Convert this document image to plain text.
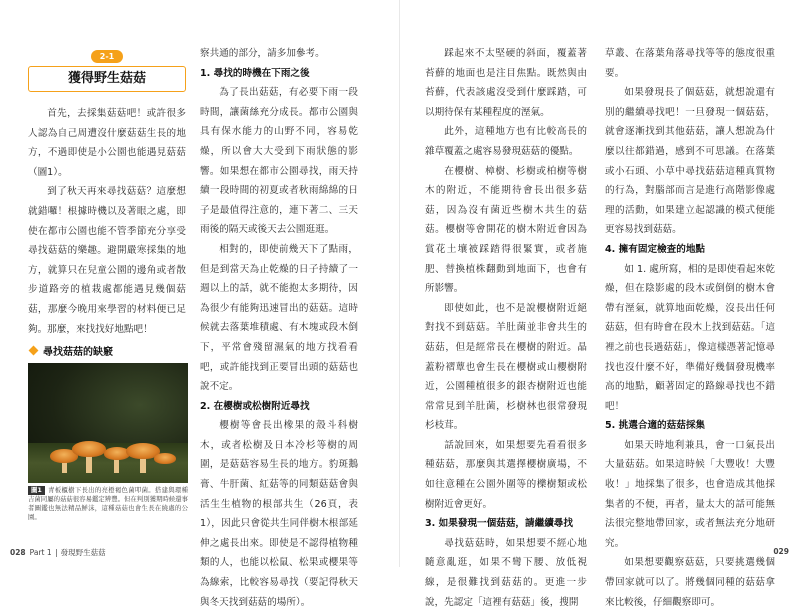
2-1
獲得野生菇菇

首先，去採集菇菇吧！或許很多人認為自己周遭沒什麼菇菇生長的地方，不過即使是小公園也能遇見菇菇（圖1）。

到了秋天再來尋找菇菇？這麼想就錯囉！根據時機以及著眼之處，即使在都市公園也能不管季節充分享受尋找菇菇的樂趣。避開嚴寒採集的地方，就算只在兒童公園的邊角或者散步道路旁的植栽處都能遇見幾個菇菇，那麼今晚用來學習的材料便已足夠。那麼，來找找好地點吧！

尋找菇菇的缺竅

圖1 青板櫃樹下長出的亮橙褐色菌叩菌。搭建與環種吉菌同屬的菇菇很容易鑑定辨豐。但在判別獲期時候還事者圖鑑也無法精品鮮沫，這種菇菇也會生長在繞處的公園。

察共通的部分，請多加參考。

1. 尋找的時機在下雨之後

為了長出菇菇，有必要下雨一段時間，讓菌絲充分成長。都市公園與具有保水能力的山野不同，容易乾燥，所以會大大受到下雨狀態的影響。如果想在都市公園尋找，雨天持續一段時間的初夏或者秋雨綿綿的日子是最值得注意的，連下著二、三天雨後的隔天或後天去公園逛逛。

相對的，即使前幾天下了點雨，但是到當天為止乾燥的日子持續了一週以上的話，就不能抱太多期待，因為很少有能夠迅速冒出的菇菇。這時候就去落葉堆積處、有木塊或段木倒下，平常會殘留濕氣的地方找看看吧，或許能找到正要冒出頭的菇菇也說不定。

2. 在櫻樹或松樹附近尋找

櫻樹等會長出橡果的殼斗科樹木，或者松樹及日本冷杉等樹的周圍，是菇菇容易生長的地方。豹斑鵝膏、牛肝菌、紅菇等的同類菇菇會與活生生植物的根部共生（26頁，表1），因此只會從共生同伴樹木根部延伸之處長出來。即使是不認得植物種類的人，也能以松鼠、松果或櫻果等為線索，比較容易尋找（要記得秋天與冬天找到菇菇的場所）。

踩起來不太堅硬的斜面，覆蓋著苔蘚的地面也是注目焦點。既然與由苔蘚，代表該處沒受到什麼踩踏，可以期待保有某種程度的溼氣。

此外，這種地方也有比較高長的雜草覆蓋之處容易發現菇菇的優點。

在櫻樹、樟樹、杉樹或柏樹等樹木的附近，不能期待會長出很多菇菇，因為沒有菌近些樹木共生的菇菇。櫻樹等會開花的樹木附近會因為賞花土壤被踩踏得很緊實，或者施肥、替換植株翻動到地面下，也會有所影響。

即使如此，也不是說櫻樹附近絕對找不到菇菇。羊肚菌並非會共生的菇菇，但是經常長在櫻樹的附近。晶蓋粉褶蕈也會生長在櫻樹或山櫻樹附近，公園種植很多的銀杏樹附近也能常常見到羊肚菌，杉樹林也很常發現杉枝茸。

話說回來，如果想要先看看很多種菇菇，那麼與其選擇櫻樹廣場，不如往意種在公園外圍等的櫟樹類或松樹附近會更好。

3. 如果發現一個菇菇，請繼續尋找

尋找菇菇時，如果想要不經心地隨意亂逛，如果不彎下腰、放低視線，是很難找到菇菇的。更進一步說，先認定「這裡有菇菇」後，搜開

草叢、在落葉角落尋找等等的態度很重要。

如果發現長了個菇菇，就想說還有別的繼續尋找吧！一旦發現一個菇菇，就會逐漸找到其他菇菇，讓人想說為什麼以往都錯過，感到不可思議。在落葉或小石頭、小草中尋找菇菇這種真質物的行為，對腦部而言是進行高階影像處理的活動，如果建立起認識的模式便能更容易找到菇菇。

4. 擁有固定檢查的地點

如 1. 處所寫，相的是即使看起來乾燥，但在陰影處的段木或倒倒的樹木會帶有溼氣，就算地面乾燥，沒長出任何菇菇，但有時會在段木上找到菇菇。「這裡之前也長過菇菇」，像這樣憑著記憶尋找也沒什麼不好，準備好幾個發現機率高的地點，顧著固定的路線尋找也不錯吧！

5. 挑選合適的菇菇採集

如果天時地利兼具，會一口氣長出大量菇菇。如果這時候「大豐收！大豐收！」地採集了很多，也會造成其他採集者的不便，再者，量太大的話可能無法很完整地帶回家，或者無法充分地研究。

如果想要觀察菇菇，只要挑選幾個帶回家就可以了。將幾個同種的菇菇拿來比較後，仔細觀察即可。

028 Part 1 發現野生菇菇	029
